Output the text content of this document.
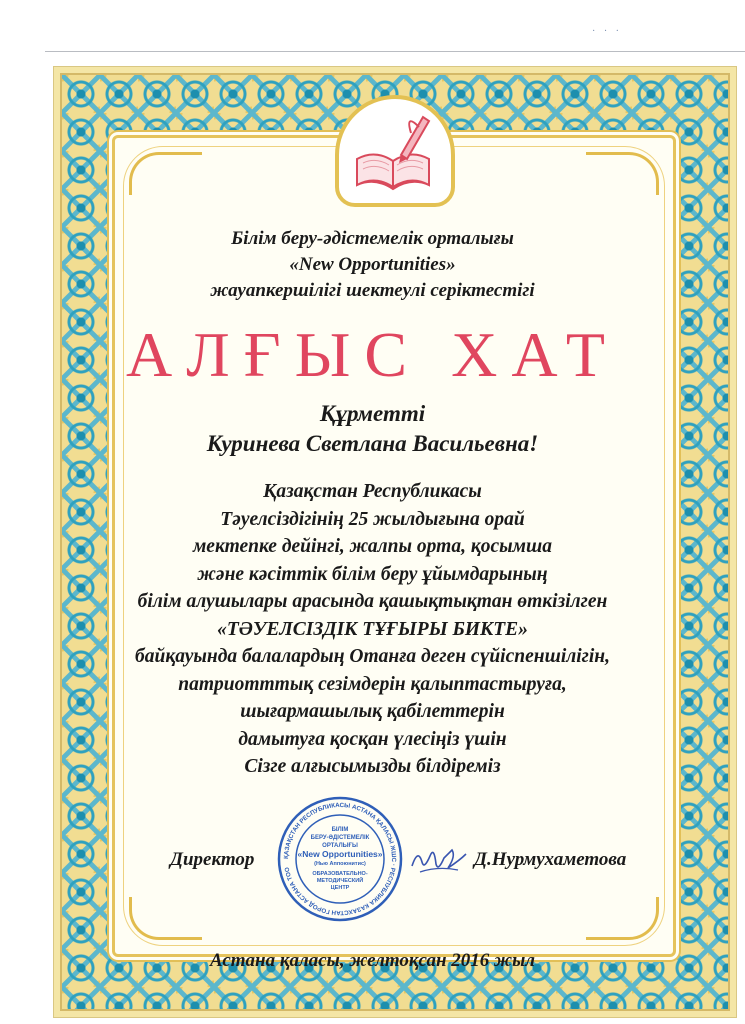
· · ·
Білім беру-әдістемелік орталығы
«New Opportunities»
жауапкершілігі шектеулі серіктестігі
АЛҒЫС ХАТ
Құрметті
Куринева Светлана Васильевна!
Қазақстан Республикасы
Тәуелсіздігінің 25 жылдығына орай
мектепке дейінгі, жалпы орта, қосымша
және кәсіттік білім беру ұйымдарының
білім алушылары арасында қашықтықтан өткізілген
«ТӘУЕЛСІЗДІК ТҰҒЫРЫ БИКТЕ»
байқауында балалардың Отанға деген сүйіспеншілігін,
патриотттық сезімдерін қалыптастыруға,
шығармашылық қабілеттерін
дамытуға қосқан үлесіңіз үшін
Сізге алғысымызды білдіреміз
Директор	ҚАЗАҚСТАН РЕСПУБЛИКАСЫ АСТАНА ҚАЛАСЫ ЖШС · РЕСПУБЛИКА КАЗАХСТАН ГОРОД АСТАНА ТОО
БІЛІМ
БЕРУ-ӘДІСТЕМЕЛІК
ОРТАЛЫҒЫ
«New Opportunities»
(Нью Аппоюнитис)
ОБРАЗОВАТЕЛЬНО-
МЕТОДИЧЕСКИЙ
ЦЕНТР
Д.Нурмухаметова
Астана қаласы, желтоқсан 2016 жыл
